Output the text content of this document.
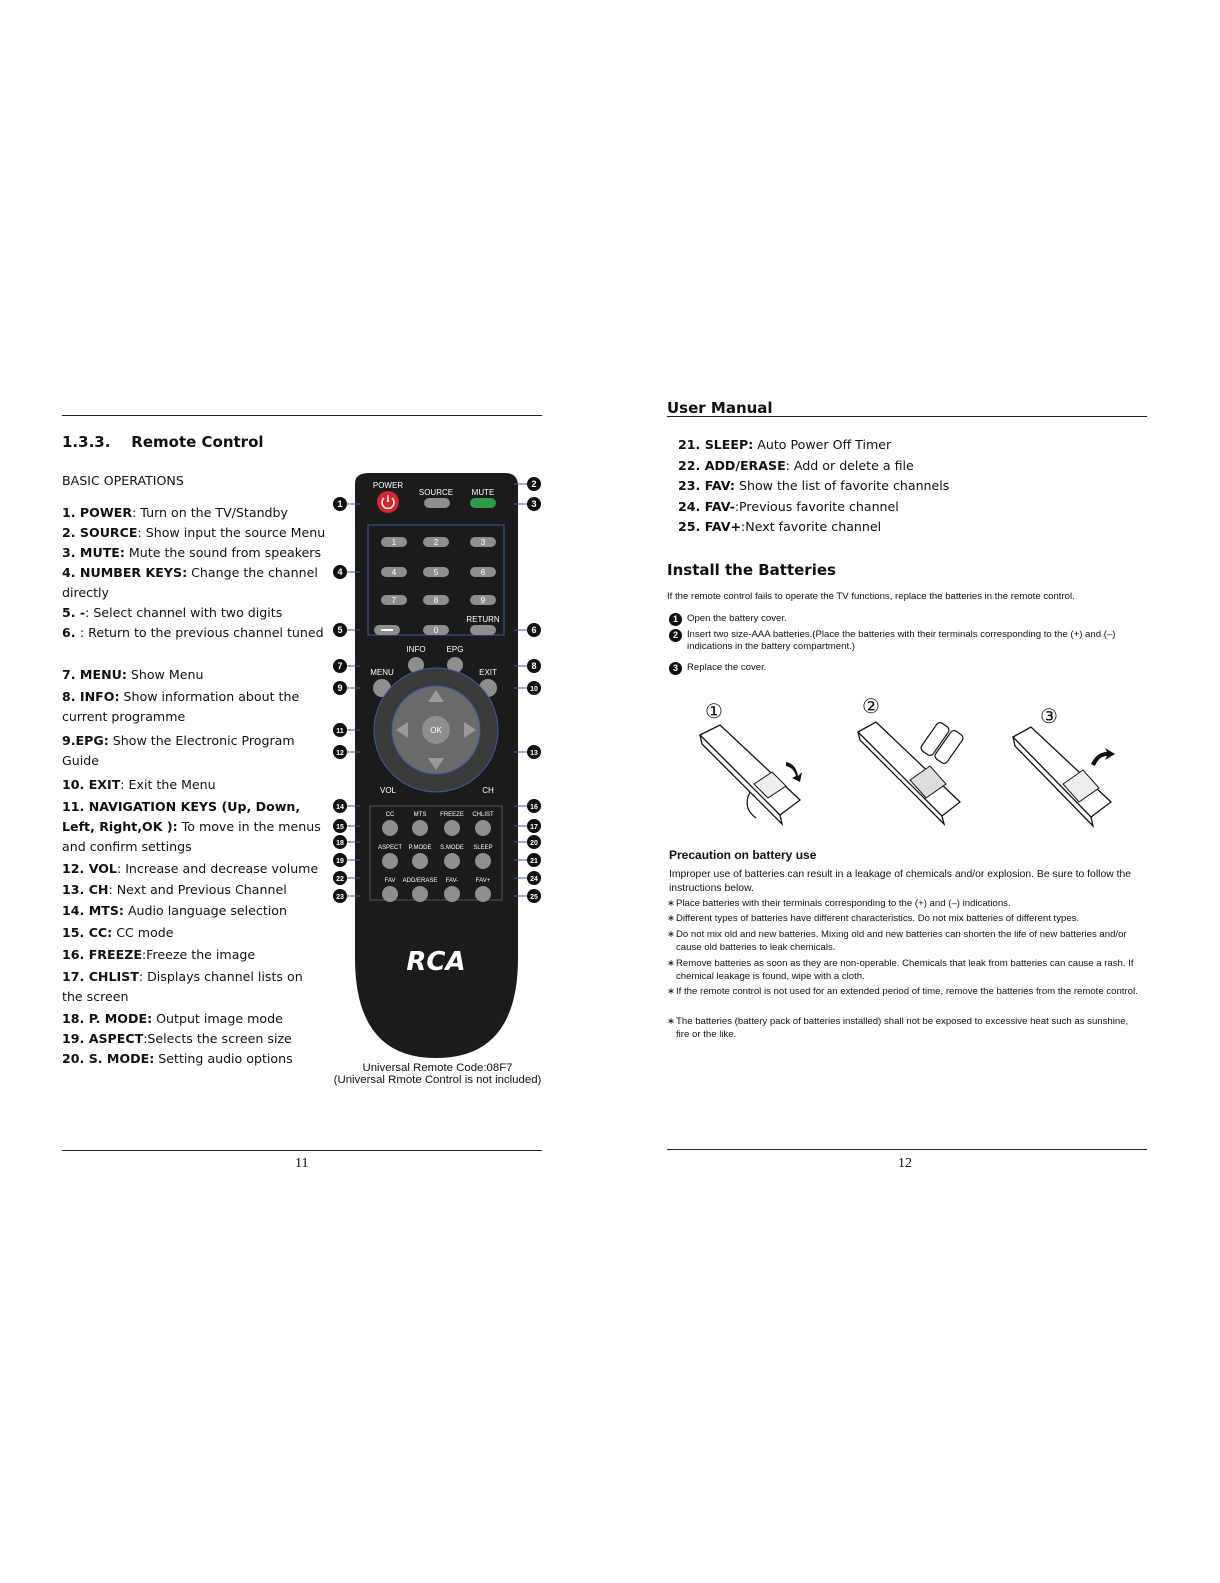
1.3.3.    Remote Control
BASIC OPERATIONS
1. POWER: Turn on the TV/Standby
2. SOURCE: Show input the source Menu
3. MUTE: Mute the sound from speakers
4. NUMBER KEYS: Change the channel directly
5. -: Select channel with two digits
6. : Return to the previous channel tuned
7. MENU: Show Menu
8. INFO: Show information about the current programme
9.EPG: Show the Electronic Program Guide
10. EXIT: Exit the Menu
11. NAVIGATION KEYS (Up, Down, Left, Right,OK ): To move in the menus and confirm settings
12. VOL: Increase and decrease volume
13. CH: Next and Previous Channel
14. MTS: Audio language selection
15. CC: CC mode
16. FREEZE:Freeze the image
17. CHLIST: Displays channel lists on the screen
18. P. MODE: Output image mode
19. ASPECT:Selects the screen size
20. S. MODE: Setting audio options
POWER
SOURCE MUTE
1	2	3
4	5	6
7	8	9
0
RETURN
INFO	EPG
MENU	EXIT
OK
VOL	CH
CC	MTS FREEZE CHLIST
ASPECT P.MODE S.MODE SLEEP
FAV ADD/ERASE FAV-	FAV+
RCA
1
2
3
4
5	6
7	8
9	10
11
12	13
14
15
16
17
18
19
20
21
22
23
24
25
Universal Remote Code:08F7
(Universal Rmote Control is not included)
11
User Manual
21. SLEEP: Auto Power Off Timer
22. ADD/ERASE: Add or delete a file
23. FAV: Show the list of favorite channels
24. FAV-:Previous favorite channel
25. FAV+:Next favorite channel
Install the Batteries
If the remote control fails to operate the TV functions, replace the batteries in the remote control.
1 Open the battery cover.
2 Insert two size-AAA batteries.(Place the batteries with their terminals corresponding to the (+) and (–) indications in the battery compartment.)
3 Replace the cover.
①	②	③
Precaution on battery use
Improper use of batteries can result in a leakage of chemicals and/or explosion. Be sure to follow the instructions below.
∗Place batteries with their terminals corresponding to the (+) and (–) indications.
∗Different types of batteries have different characteristics. Do not mix batteries of different types.
∗Do not mix old and new batteries. Mixing old and new batteries can shorten the life of new batteries and/or cause old batteries to leak chemicals.
∗Remove batteries as soon as they are non-operable. Chemicals that leak from batteries can cause a rash. If chemical leakage is found, wipe with a cloth.
∗If the remote control is not used for an extended period of time, remove the batteries from the remote control.
∗The batteries (battery pack of batteries installed) shall not be exposed to excessive heat such as sunshine, fire or the like.
12
